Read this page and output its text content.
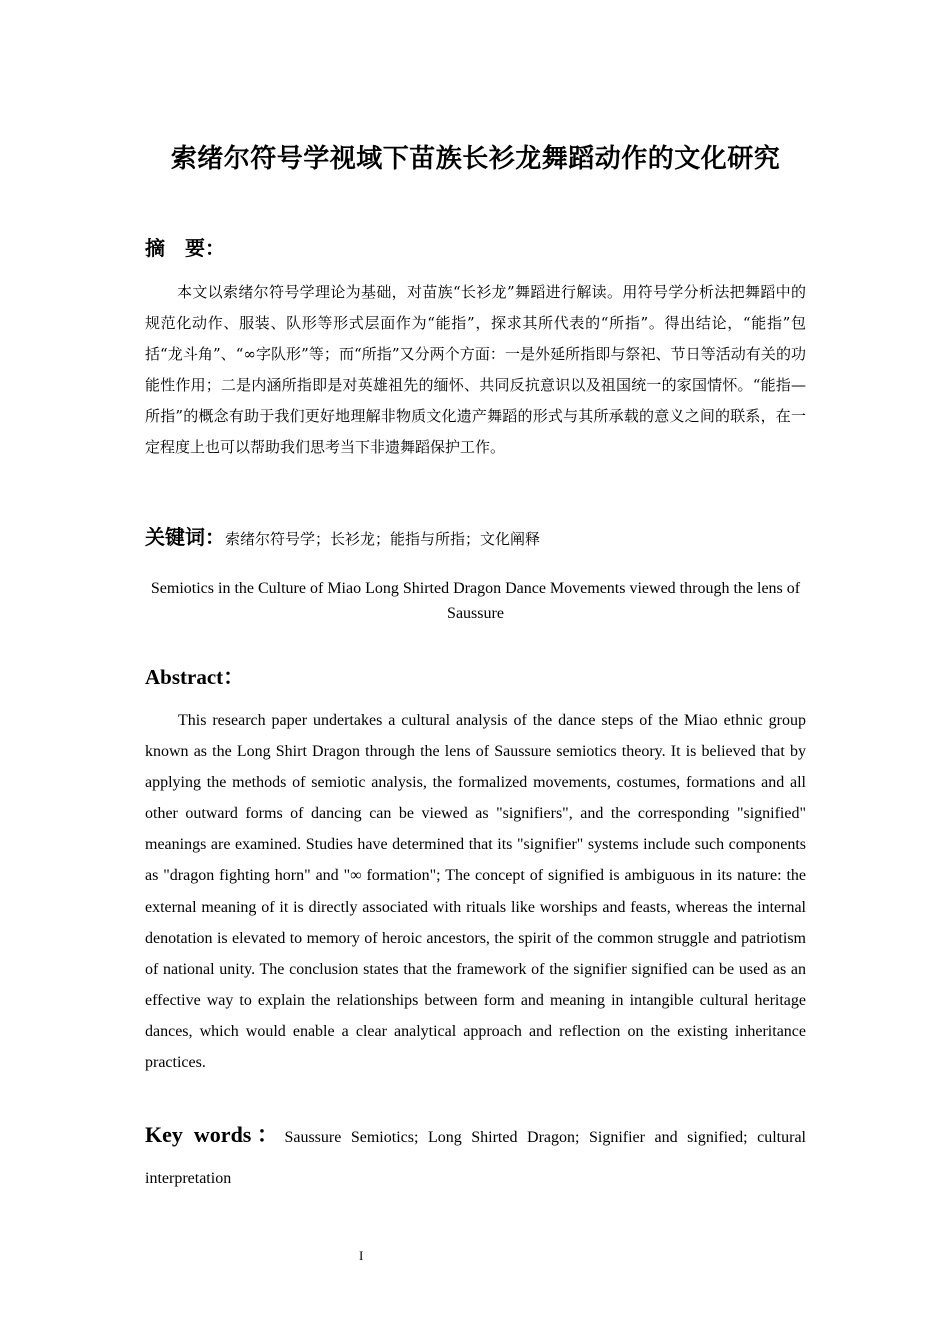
索绪尔符号学视域下苗族长衫龙舞蹈动作的文化研究
摘　要：

本文以索绪尔符号学理论为基础，对苗族“长衫龙”舞蹈进行解读。用符号学分析法把舞蹈中的规范化动作、服装、队形等形式层面作为“能指”，探求其所代表的“所指”。得出结论，“能指”包括“龙斗角”、“∞字队形”等；而“所指”又分两个方面：一是外延所指即与祭祀、节日等活动有关的功能性作用；二是内涵所指即是对英雄祖先的缅怀、共同反抗意识以及祖国统一的家国情怀。“能指—所指”的概念有助于我们更好地理解非物质文化遗产舞蹈的形式与其所承载的意义之间的联系，在一定程度上也可以帮助我们思考当下非遗舞蹈保护工作。

关键词：索绪尔符号学；长衫龙；能指与所指；文化阐释

Semiotics in the Culture of Miao Long Shirted Dragon Dance Movements viewed through the lens of Saussure

Abstract：

This research paper undertakes a cultural analysis of the dance steps of the Miao ethnic group known as the Long Shirt Dragon through the lens of Saussure semiotics theory. It is believed that by applying the methods of semiotic analysis, the formalized movements, costumes, formations and all other outward forms of dancing can be viewed as "signifiers", and the corresponding "signified" meanings are examined. Studies have determined that its "signifier" systems include such components as "dragon fighting horn" and "∞ formation"; The concept of signified is ambiguous in its nature: the external meaning of it is directly associated with rituals like worships and feasts, whereas the internal denotation is elevated to memory of heroic ancestors, the spirit of the common struggle and patriotism of national unity. The conclusion states that the framework of the signifier signified can be used as an effective way to explain the relationships between form and meaning in intangible cultural heritage dances, which would enable a clear analytical approach and reflection on the existing inheritance practices.

Key words：Saussure Semiotics; Long Shirted Dragon; Signifier and signified; cultural interpretation

I
